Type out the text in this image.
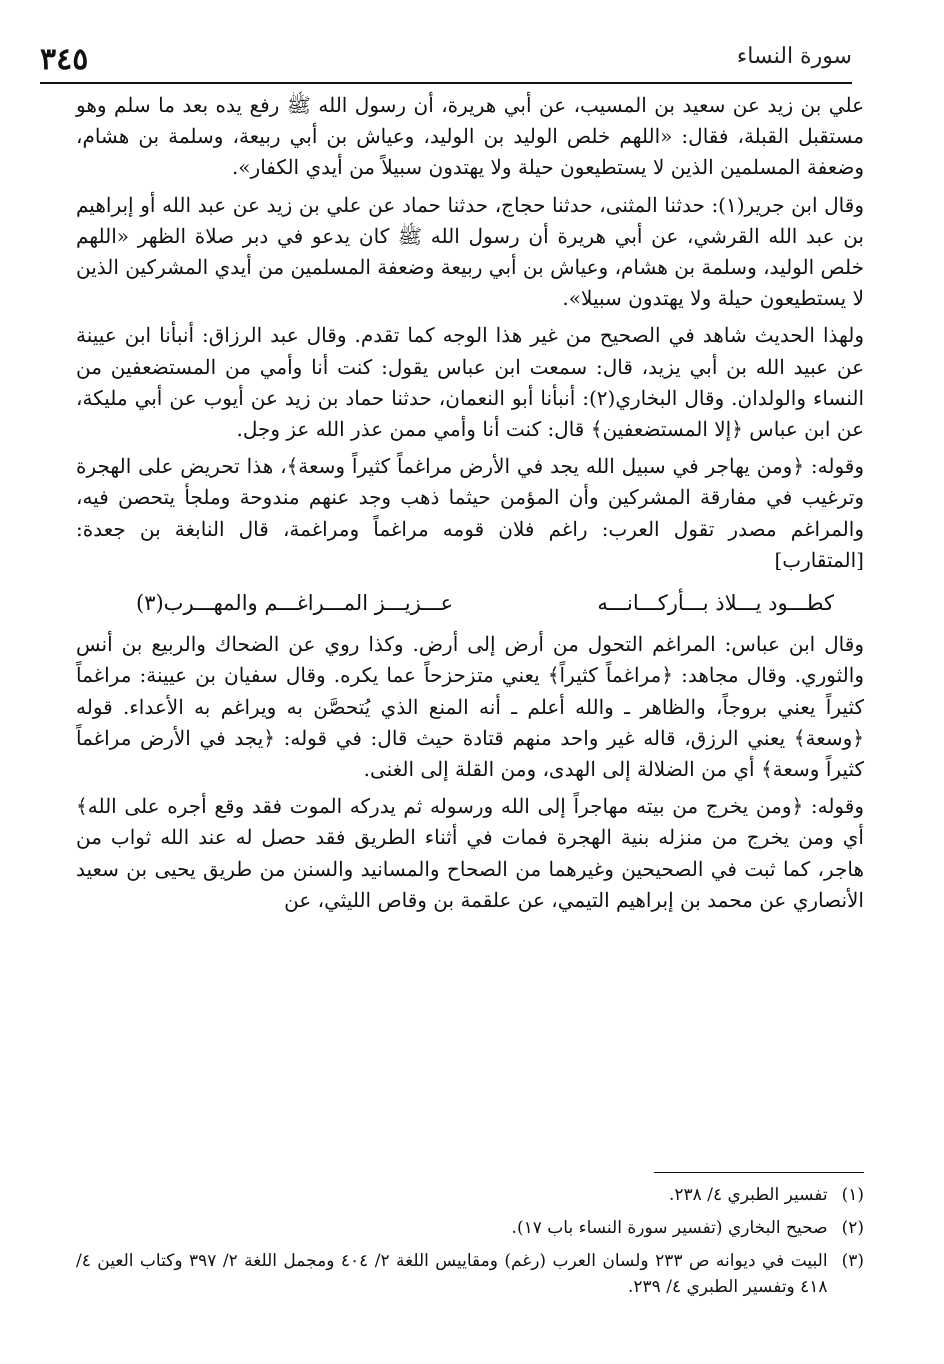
سورة النساء
٣٤٥

علي بن زيد عن سعيد بن المسيب، عن أبي هريرة، أن رسول الله ﷺ رفع يده بعد ما سلم وهو مستقبل القبلة، فقال: «اللهم خلص الوليد بن الوليد، وعياش بن أبي ربيعة، وسلمة بن هشام، وضعفة المسلمين الذين لا يستطيعون حيلة ولا يهتدون سبيلاً من أيدي الكفار».

وقال ابن جرير(١): حدثنا المثنى، حدثنا حجاج، حدثنا حماد عن علي بن زيد عن عبد الله أو إبراهيم بن عبد الله القرشي، عن أبي هريرة أن رسول الله ﷺ كان يدعو في دبر صلاة الظهر «اللهم خلص الوليد، وسلمة بن هشام، وعياش بن أبي ربيعة وضعفة المسلمين من أيدي المشركين الذين لا يستطيعون حيلة ولا يهتدون سبيلا».

ولهذا الحديث شاهد في الصحيح من غير هذا الوجه كما تقدم. وقال عبد الرزاق: أنبأنا ابن عيينة عن عبيد الله بن أبي يزيد، قال: سمعت ابن عباس يقول: كنت أنا وأمي من المستضعفين من النساء والولدان. وقال البخاري(٢): أنبأنا أبو النعمان، حدثنا حماد بن زيد عن أيوب عن أبي مليكة، عن ابن عباس ﴿إلا المستضعفين﴾ قال: كنت أنا وأمي ممن عذر الله عز وجل.

وقوله: ﴿ومن يهاجر في سبيل الله يجد في الأرض مراغماً كثيراً وسعة﴾، هذا تحريض على الهجرة وترغيب في مفارقة المشركين وأن المؤمن حيثما ذهب وجد عنهم مندوحة وملجأ يتحصن فيه، والمراغم مصدر تقول العرب: راغم فلان قومه مراغماً ومراغمة، قال النابغة بن جعدة: [المتقارب]

كطـــود يـــلاذ بـــأركـــانـــه
عـــزيـــز المـــراغـــم والمهـــرب(٣)

وقال ابن عباس: المراغم التحول من أرض إلى أرض. وكذا روي عن الضحاك والربيع بن أنس والثوري. وقال مجاهد: ﴿مراغماً كثيراً﴾ يعني متزحزحاً عما يكره. وقال سفيان بن عيينة: مراغماً كثيراً يعني بروجاً، والظاهر ـ والله أعلم ـ أنه المنع الذي يُتحصَّن به ويراغم به الأعداء. قوله ﴿وسعة﴾ يعني الرزق، قاله غير واحد منهم قتادة حيث قال: في قوله: ﴿يجد في الأرض مراغماً كثيراً وسعة﴾ أي من الضلالة إلى الهدى، ومن القلة إلى الغنى.

وقوله: ﴿ومن يخرج من بيته مهاجراً إلى الله ورسوله ثم يدركه الموت فقد وقع أجره على الله﴾ أي ومن يخرج من منزله بنية الهجرة فمات في أثناء الطريق فقد حصل له عند الله ثواب من هاجر، كما ثبت في الصحيحين وغيرهما من الصحاح والمسانيد والسنن من طريق يحيى بن سعيد الأنصاري عن محمد بن إبراهيم التيمي، عن علقمة بن وقاص الليثي، عن

(١)
تفسير الطبري ٤/ ٢٣٨.
(٢)
صحيح البخاري (تفسير سورة النساء باب ١٧).
(٣)
البيت في ديوانه ص ٢٣٣ ولسان العرب (رغم) ومقاييس اللغة ٢/ ٤٠٤ ومجمل اللغة ٢/ ٣٩٧ وكتاب العين ٤/ ٤١٨ وتفسير الطبري ٤/ ٢٣٩.
